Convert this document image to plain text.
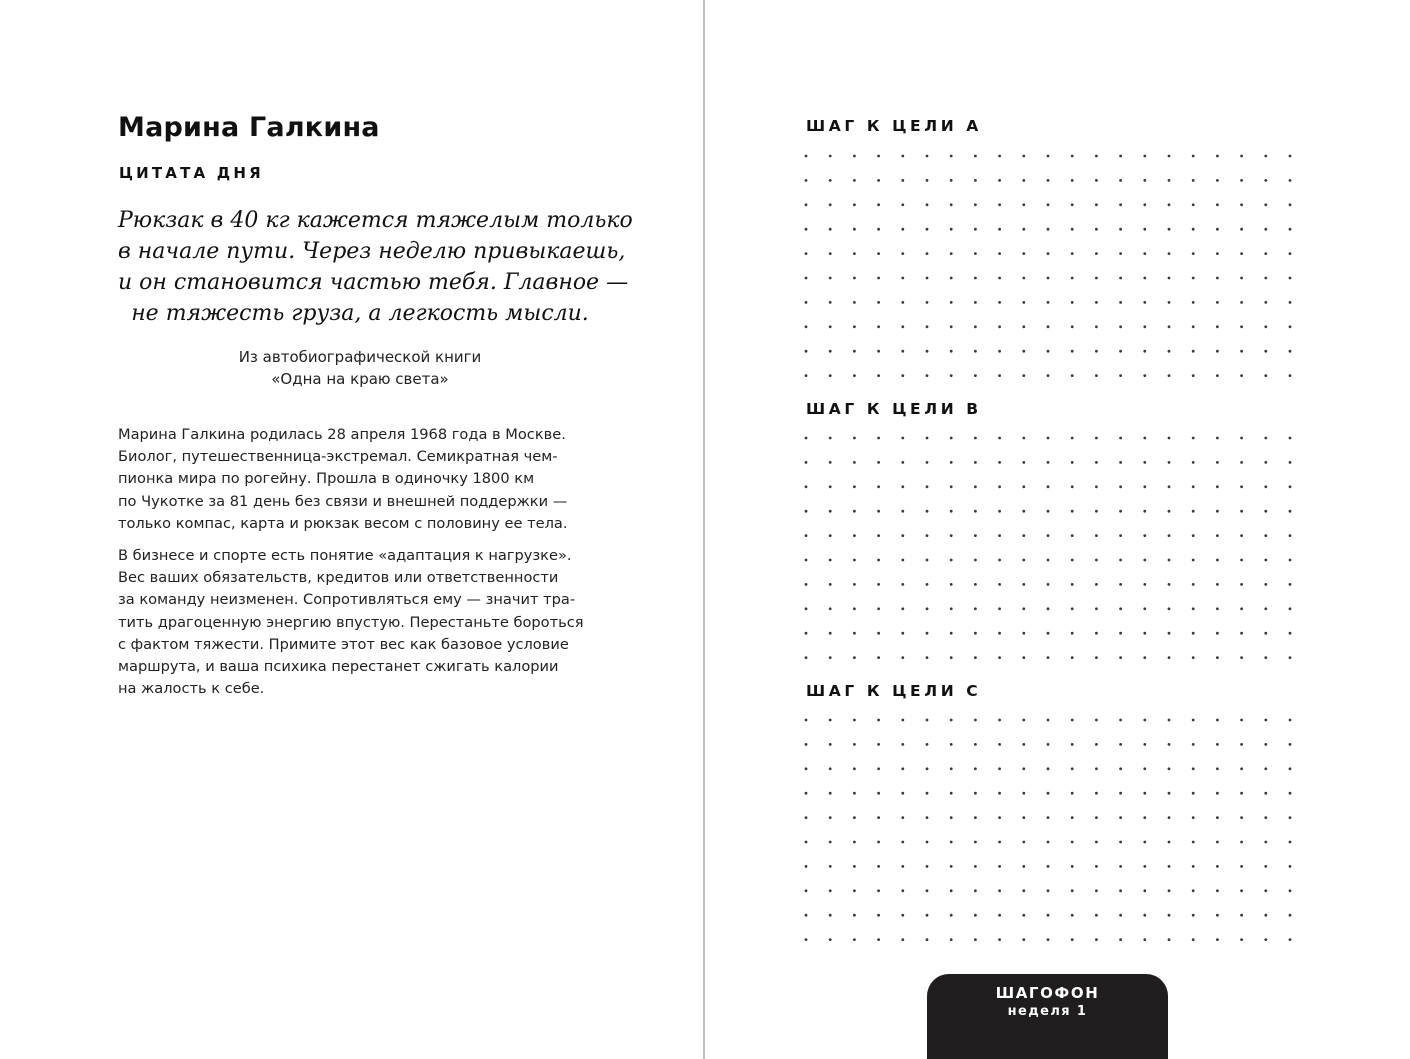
Марина Галкина
ЦИТАТА ДНЯ
Рюкзак в 40 кг кажется тяжелым только
в начале пути. Через неделю привыкаешь,
и он становится частью тебя. Главное —
не тяжесть груза, а легкость мысли.
Из автобиографической книги
«Одна на краю света»

Марина Галкина родилась 28 апреля 1968 года в Москве.
Биолог, путешественница-экстремал. Семикратная чем-
пионка мира по рогейну. Прошла в одиночку 1800 км
по Чукотке за 81 день без связи и внешней поддержки —
только компас, карта и рюкзак весом с половину ее тела.

В бизнесе и спорте есть понятие «адаптация к нагрузке».
Вес ваших обязательств, кредитов или ответственности
за команду неизменен. Сопротивляться ему — значит тра-
тить драгоценную энергию впустую. Перестаньте бороться
с фактом тяжести. Примите этот вес как базовое условие
маршрута, и ваша психика перестанет сжигать калории
на жалость к себе.

ШАГ К ЦЕЛИ А
ШАГ К ЦЕЛИ В
ШАГ К ЦЕЛИ С
ШАГОФОН
неделя 1
